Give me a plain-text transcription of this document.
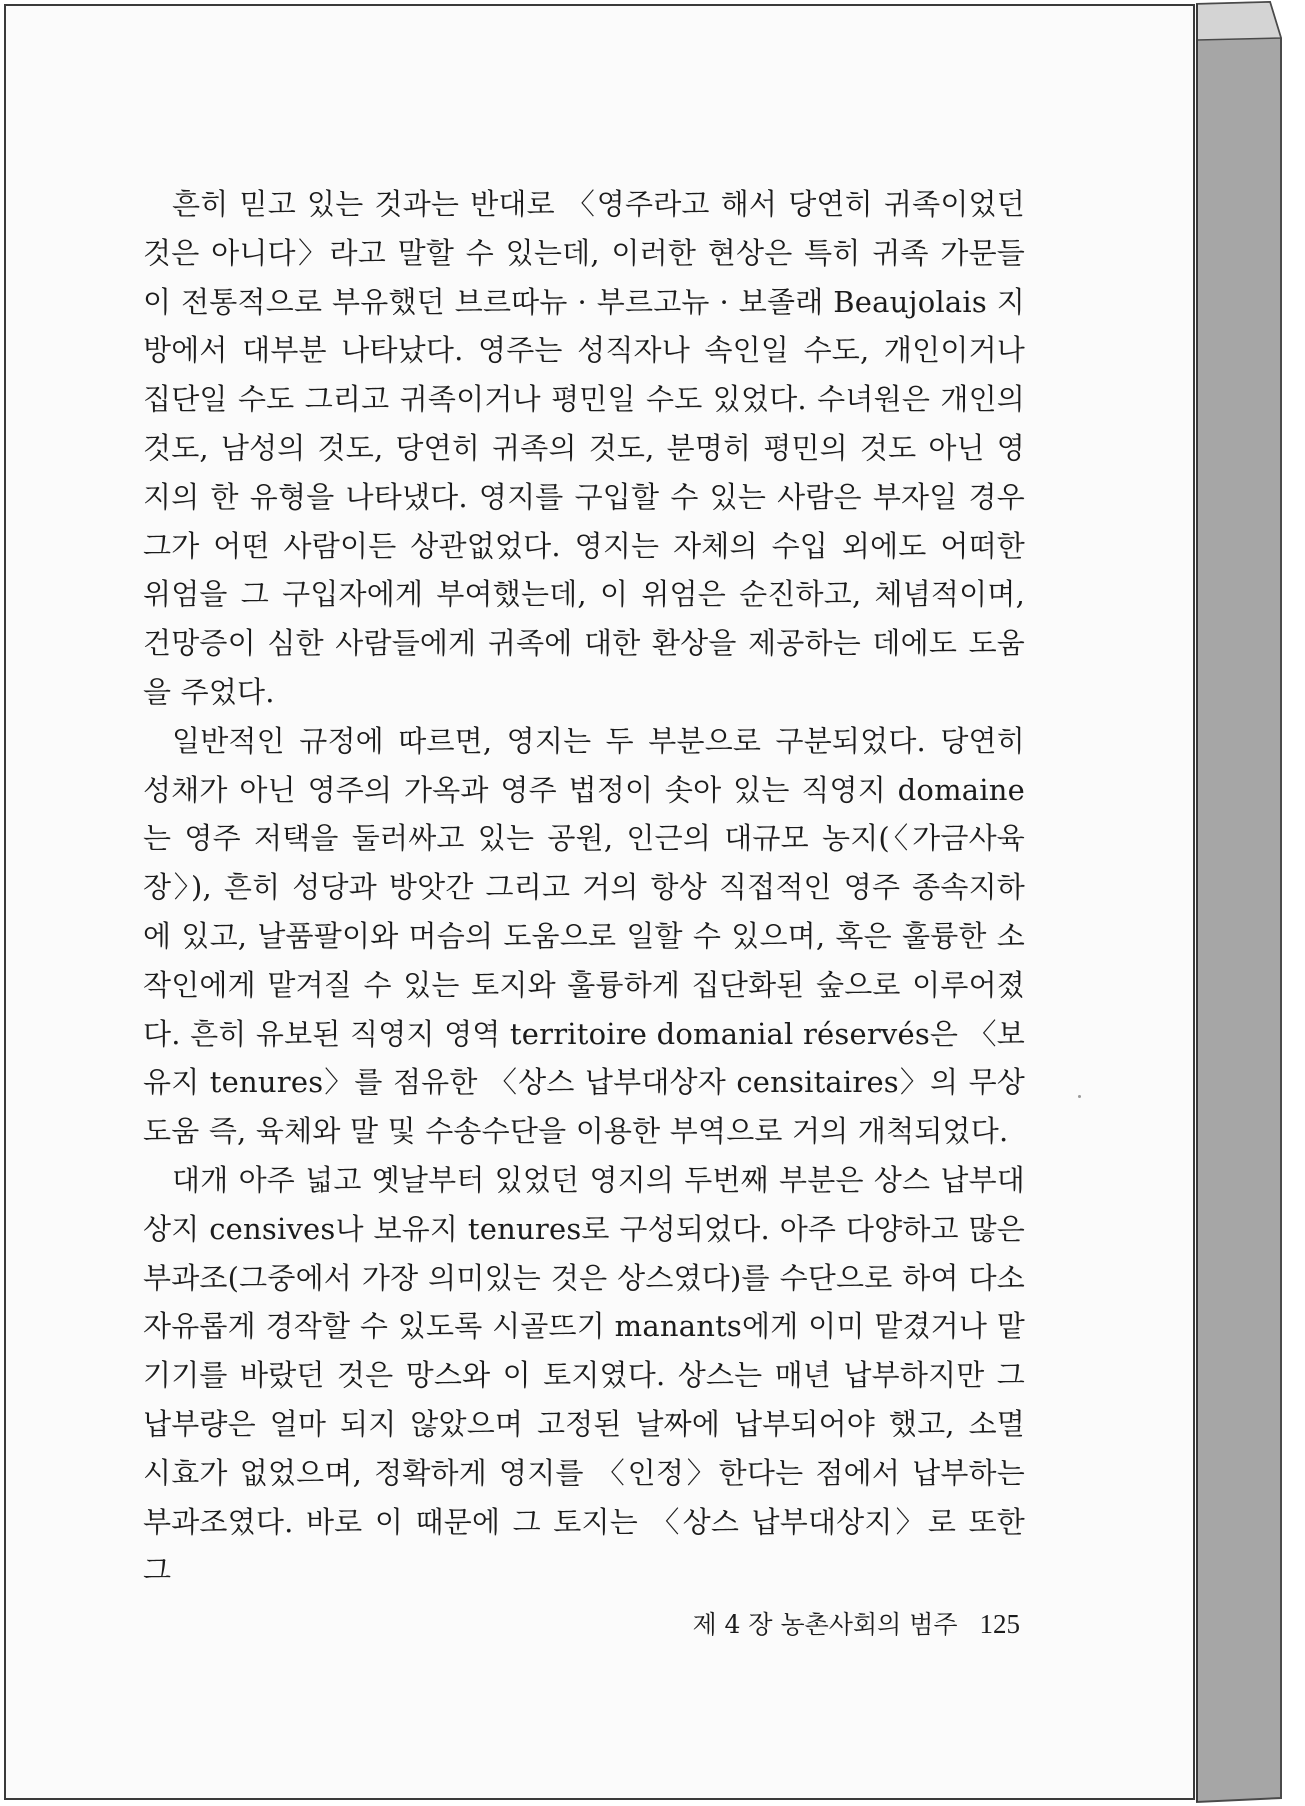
흔히 믿고 있는 것과는 반대로 〈영주라고 해서 당연히 귀족이었던 것은 아니다〉라고 말할 수 있는데, 이러한 현상은 특히 귀족 가문들이 전통적으로 부유했던 브르따뉴 · 부르고뉴 · 보졸래 Beaujolais 지방에서 대부분 나타났다. 영주는 성직자나 속인일 수도, 개인이거나 집단일 수도 그리고 귀족이거나 평민일 수도 있었다. 수녀원은 개인의 것도, 남성의 것도, 당연히 귀족의 것도, 분명히 평민의 것도 아닌 영지의 한 유형을 나타냈다. 영지를 구입할 수 있는 사람은 부자일 경우 그가 어떤 사람이든 상관없었다. 영지는 자체의 수입 외에도 어떠한 위엄을 그 구입자에게 부여했는데, 이 위엄은 순진하고, 체념적이며, 건망증이 심한 사람들에게 귀족에 대한 환상을 제공하는 데에도 도움을 주었다.

일반적인 규정에 따르면, 영지는 두 부분으로 구분되었다. 당연히 성채가 아닌 영주의 가옥과 영주 법정이 솟아 있는 직영지 domaine는 영주 저택을 둘러싸고 있는 공원, 인근의 대규모 농지(〈가금사육장〉), 흔히 성당과 방앗간 그리고 거의 항상 직접적인 영주 종속지하에 있고, 날품팔이와 머슴의 도움으로 일할 수 있으며, 혹은 훌륭한 소작인에게 맡겨질 수 있는 토지와 훌륭하게 집단화된 숲으로 이루어졌다. 흔히 유보된 직영지 영역 territoire domanial réservés은 〈보유지 tenures〉를 점유한 〈상스 납부대상자 censitaires〉의 무상도움 즉, 육체와 말 및 수송수단을 이용한 부역으로 거의 개척되었다.

대개 아주 넓고 옛날부터 있었던 영지의 두번째 부분은 상스 납부대상지 censives나 보유지 tenures로 구성되었다. 아주 다양하고 많은 부과조(그중에서 가장 의미있는 것은 상스였다)를 수단으로 하여 다소 자유롭게 경작할 수 있도록 시골뜨기 manants에게 이미 맡겼거나 맡기기를 바랐던 것은 망스와 이 토지였다. 상스는 매년 납부하지만 그 납부량은 얼마 되지 않았으며 고정된 날짜에 납부되어야 했고, 소멸 시효가 없었으며, 정확하게 영지를 〈인정〉한다는 점에서 납부하는 부과조였다. 바로 이 때문에 그 토지는 〈상스 납부대상지〉로 또한 그

제 4 장 농촌사회의 범주 125
